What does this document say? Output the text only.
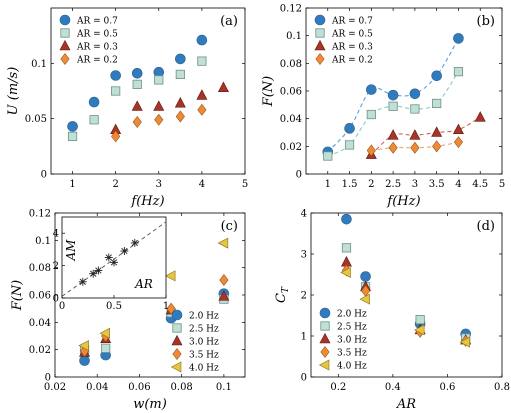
1	2	3	4	5
0
0.05
0.1
f(Hz)
U (m/s)
(a)
AR = 0.7
AR = 0.5
AR = 0.3
AR = 0.2
1 1.5 2 2.5 3 3.5 4 4.5 5
0
0.02
0.04
0.06
0.08
0.1
0.12
f(Hz)
F(N)
(b)
AR = 0.7
AR = 0.5
AR = 0.3
AR = 0.2
0.02 0.04 0.06 0.08 0.1
0
0.02
0.04
0.06
0.08
0.1
0.12
w(m)
F(N)
(c)
2.0 Hz
2.5 Hz
3.0 Hz
3.5 Hz
4.0 Hz
0	0.5	1
0
2
4
AM
AR
0.2	0.4	0.6	0.8
0
1
2
3
4
AR
$C_T$
(d)
2.0 Hz
2.5 Hz
3.0 Hz
3.5 Hz
4.0 Hz
